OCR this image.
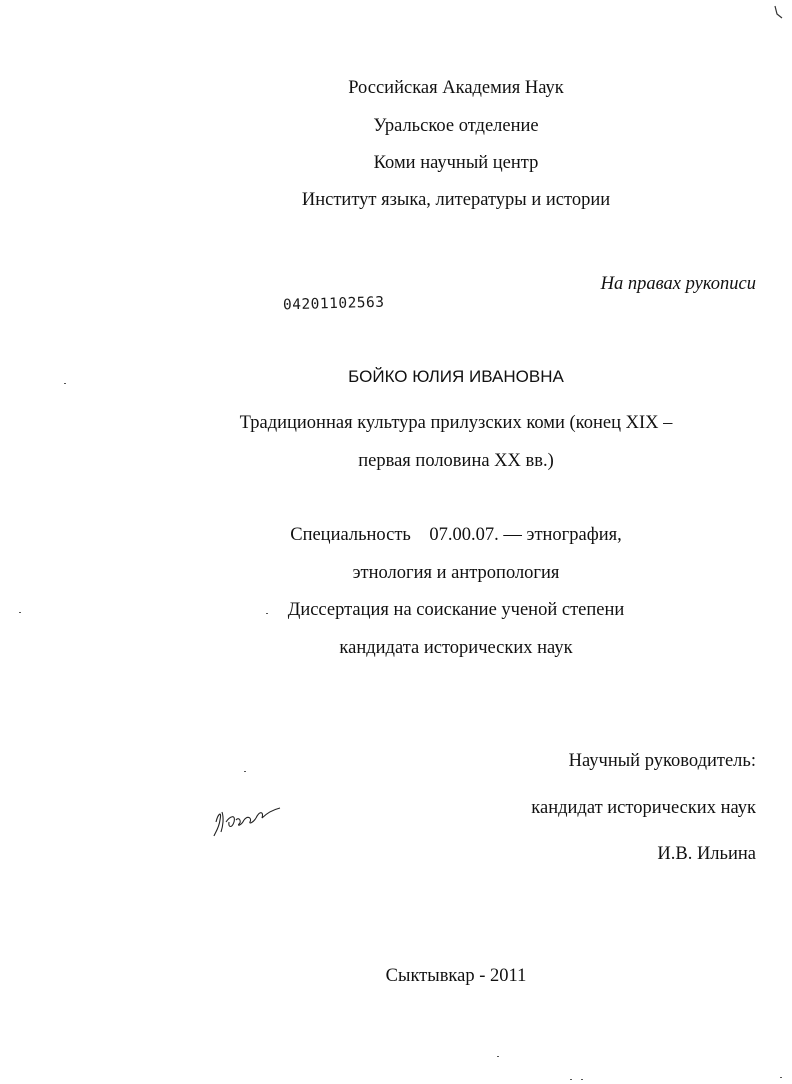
Российская Академия Наук
Уральское отделение
Коми научный центр
Институт языка, литературы и истории
На правах рукописи
04201102563
БОЙКО ЮЛИЯ ИВАНОВНА
Традиционная культура прилузских коми (конец XIX –
первая половина XX вв.)
Специальность    07.00.07. — этнография,
этнология и антропология
Диссертация на соискание ученой степени
кандидата исторических наук
Научный руководитель:
кандидат исторических наук
И.В. Ильина
Сыктывкар - 2011
